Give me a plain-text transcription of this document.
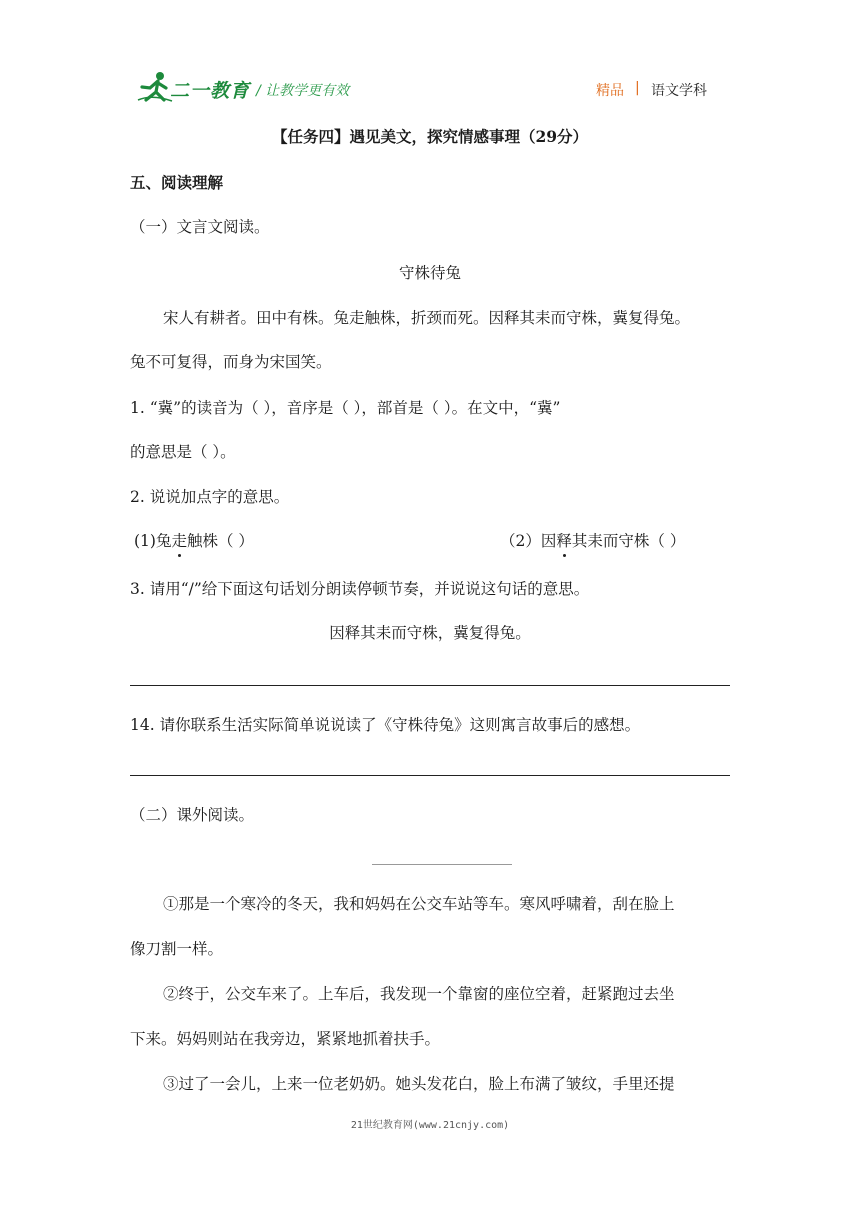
二一教育 / 让教学更有效	精品 | 语文学科
【任务四】遇见美文，探究情感事理（29分）
五、阅读理解
（一）文言文阅读。
守株待兔
宋人有耕者。田中有株。兔走触株，折颈而死。因释其耒而守株，冀复得兔。
兔不可复得，而身为宋国笑。
1. “冀”的读音为（ ），音序是（ ），部首是（ ）。在文中，“冀”
的意思是（ ）。
2. 说说加点字的意思。
(1)兔走触株（ ）	（2）因释其耒而守株（ ）
3. 请用“/”给下面这句话划分朗读停顿节奏，并说说这句话的意思。
因释其耒而守株，冀复得兔。
14. 请你联系生活实际简单说说读了《守株待兔》这则寓言故事后的感想。
（二）课外阅读。
①那是一个寒冷的冬天，我和妈妈在公交车站等车。寒风呼啸着，刮在脸上
像刀割一样。
②终于，公交车来了。上车后，我发现一个靠窗的座位空着，赶紧跑过去坐
下来。妈妈则站在我旁边，紧紧地抓着扶手。
③过了一会儿，上来一位老奶奶。她头发花白，脸上布满了皱纹，手里还提
21世纪教育网(www.21cnjy.com)
